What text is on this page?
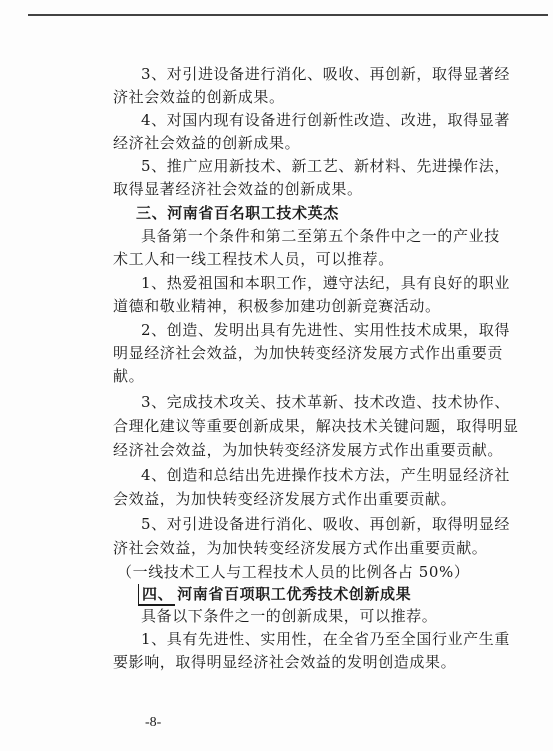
3、对引进设备进行消化、吸收、再创新，取得显著经
济社会效益的创新成果。
4、对国内现有设备进行创新性改造、改进，取得显著
经济社会效益的创新成果。
5、推广应用新技术、新工艺、新材料、先进操作法，
取得显著经济社会效益的创新成果。
三、河南省百名职工技术英杰
具备第一个条件和第二至第五个条件中之一的产业技
术工人和一线工程技术人员，可以推荐。
1、热爱祖国和本职工作，遵守法纪，具有良好的职业
道德和敬业精神，积极参加建功创新竞赛活动。
2、创造、发明出具有先进性、实用性技术成果，取得
明显经济社会效益，为加快转变经济发展方式作出重要贡
献。
3、完成技术攻关、技术革新、技术改造、技术协作、
合理化建议等重要创新成果，解决技术关键问题，取得明显
经济社会效益，为加快转变经济发展方式作出重要贡献。
4、创造和总结出先进操作技术方法，产生明显经济社
会效益，为加快转变经济发展方式作出重要贡献。
5、对引进设备进行消化、吸收、再创新，取得明显经
济社会效益，为加快转变经济发展方式作出重要贡献。
（一线技术工人与工程技术人员的比例各占 50%）
四、 河南省百项职工优秀技术创新成果
-8-
具备以下条件之一的创新成果，可以推荐。
1、具有先进性、实用性，在全省乃至全国行业产生重
要影响，取得明显经济社会效益的发明创造成果。
